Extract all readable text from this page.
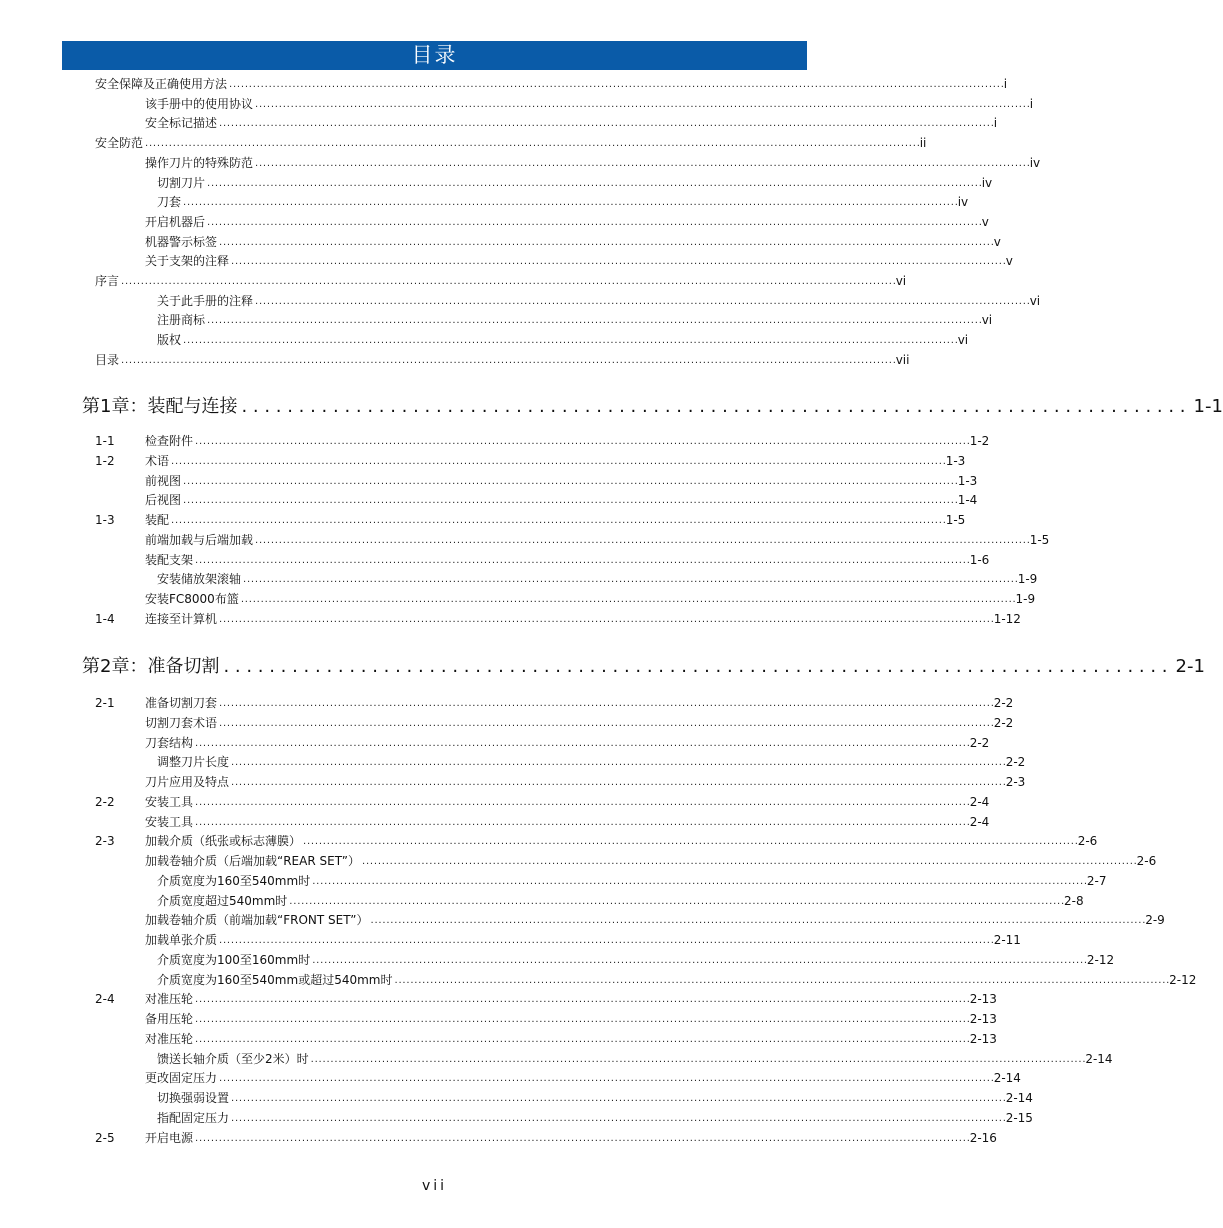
目录
安全保障及正确使用方法 . . .	i
该手册中的使用协议 . . .	i
安全标记描述 . . .	i
安全防范 . . .	ii
操作刀片的特殊防范 . . .	iv
切割刀片 . . .	iv
刀套 . . .	iv
开启机器后 . . .	v
机器警示标签 . . .	v
关于支架的注释 . . .	v
序言 . . .	vi
关于此手册的注释 . . .	vi
注册商标 . . .	vi
版权 . . .	vi
目录 . . .	vii
第1章：装配与连接 . . .	1-1
1-1	检查附件 . . .	1-2
1-2	术语 . . .	1-3
前视图 . . .	1-3
后视图 . . .	1-4
1-3	装配 . . .	1-5
前端加载与后端加载 . . .	1-5
装配支架 . . .	1-6
安装储放架滚轴 . . .	1-9
安装FC8000布篮 . . .	1-9
1-4	连接至计算机 . . .	1-12
第2章：准备切割 . . .	2-1
2-1	准备切割刀套 . . .	2-2
切割刀套术语 . . .	2-2
刀套结构 . . .	2-2
调整刀片长度 . . .	2-2
刀片应用及特点 . . .	2-3
2-2	安装工具 . . .	2-4
安装工具 . . .	2-4
2-3	加载介质（纸张或标志薄膜） . . .	2-6
加载卷轴介质（后端加载“REAR SET”） . . .	2-6
介质宽度为160至540mm时 . . .	2-7
介质宽度超过540mm时 . . .	2-8
加载卷轴介质（前端加载“FRONT SET”） . . .	2-9
加载单张介质 . . .	2-11
介质宽度为100至160mm时 . . .	2-12
介质宽度为160至540mm或超过540mm时 . . .	2-12
2-4	对准压轮 . . .	2-13
备用压轮 . . .	2-13
对准压轮 . . .	2-13
馈送长轴介质（至少2米）时 . . .	2-14
更改固定压力 . . .	2-14
切换强弱设置 . . .	2-14
指配固定压力 . . .	2-15
2-5	开启电源 . . .	2-16
vii
